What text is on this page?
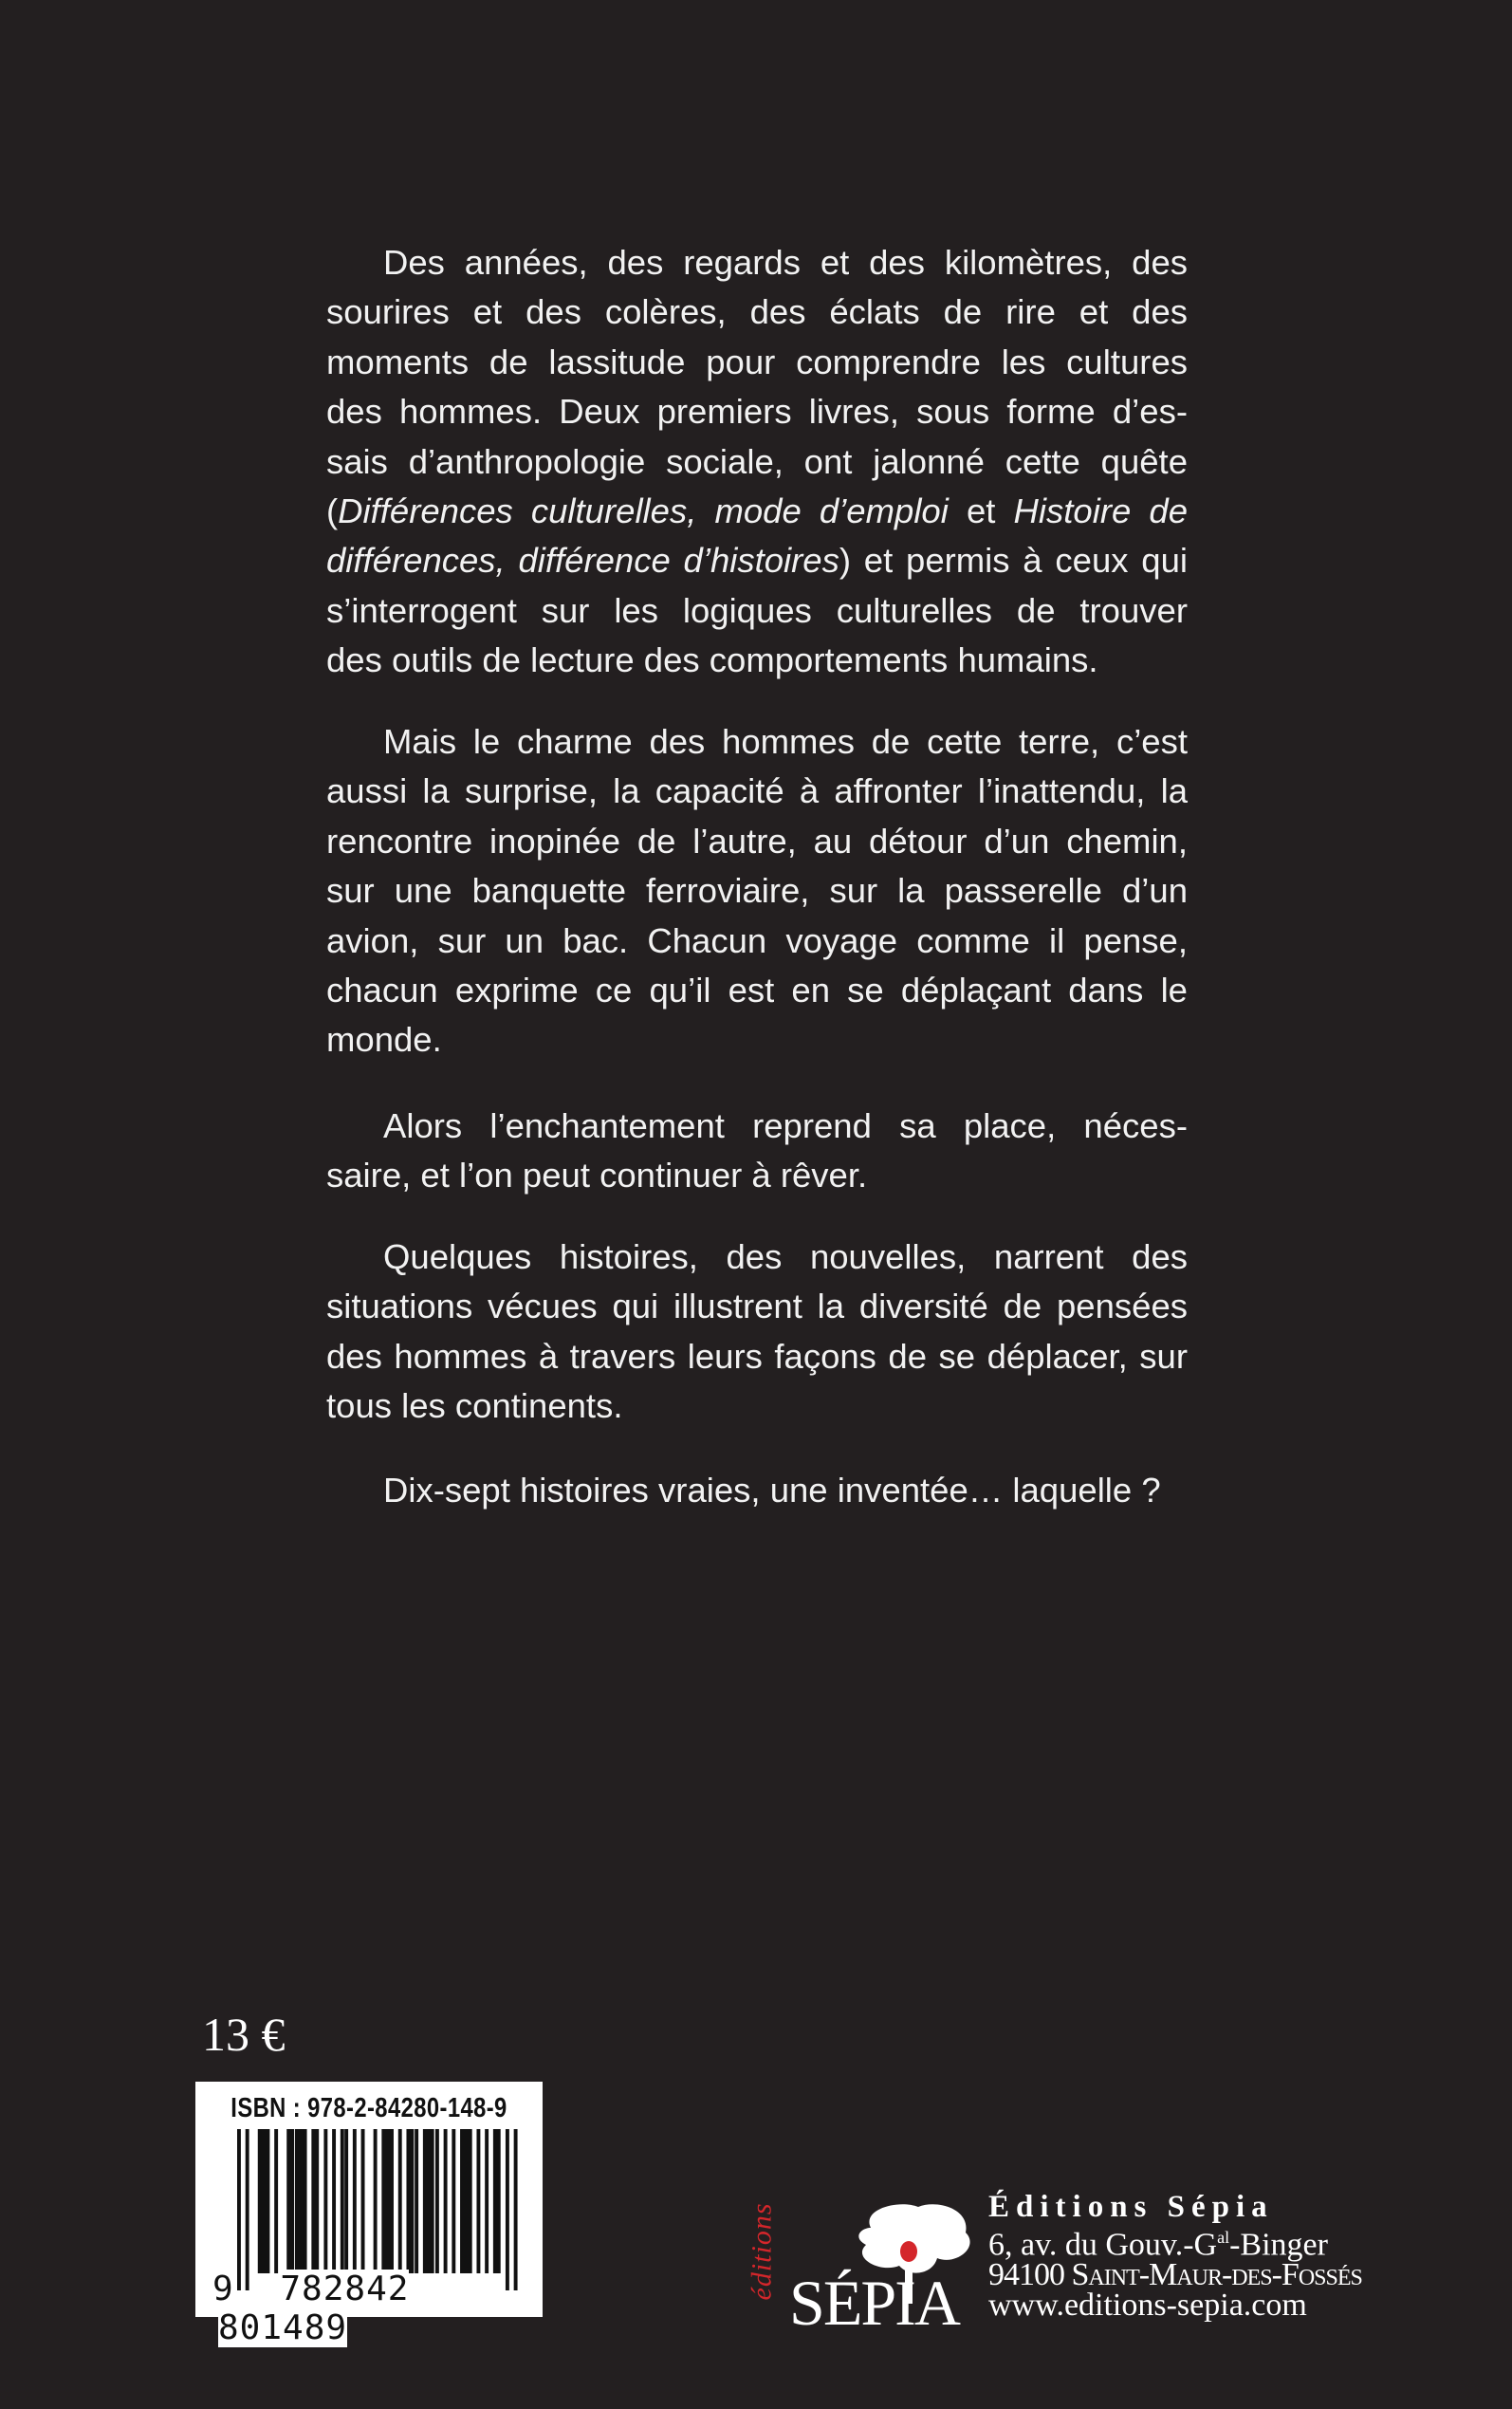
Des années, des regards et des kilomètres, des
sourires et des colères, des éclats de rire et des
moments de lassitude pour comprendre les cultures
des hommes. Deux premiers livres, sous forme d’es-
sais d’anthropologie sociale, ont jalonné cette quête
(Différences culturelles, mode d’emploi et Histoire de
différences, différence d’histoires) et permis à ceux qui
s’interrogent sur les logiques culturelles de trouver
des outils de lecture des comportements humains.
Mais le charme des hommes de cette terre, c’est
aussi la surprise, la capacité à affronter l’inattendu, la
rencontre inopinée de l’autre, au détour d’un chemin,
sur une banquette ferroviaire, sur la passerelle d’un
avion, sur un bac. Chacun voyage comme il pense,
chacun exprime ce qu’il est en se déplaçant dans le
monde.
Alors l’enchantement reprend sa place, néces-
saire, et l’on peut continuer à rêver.
Quelques histoires, des nouvelles, narrent des
situations vécues qui illustrent la diversité de pensées
des hommes à travers leurs façons de se déplacer, sur
tous les continents.
Dix-sept histoires vraies, une inventée… laquelle ?
13 €
ISBN : 978-2-84280-148-9
9 782842 801489
éditions
SÉPIA
Éditions Sépia
6, av. du $Gouv.-G^{al}$-Binger
94100 Saint-Maur-des-Fossés
www.editions-sepia.com
